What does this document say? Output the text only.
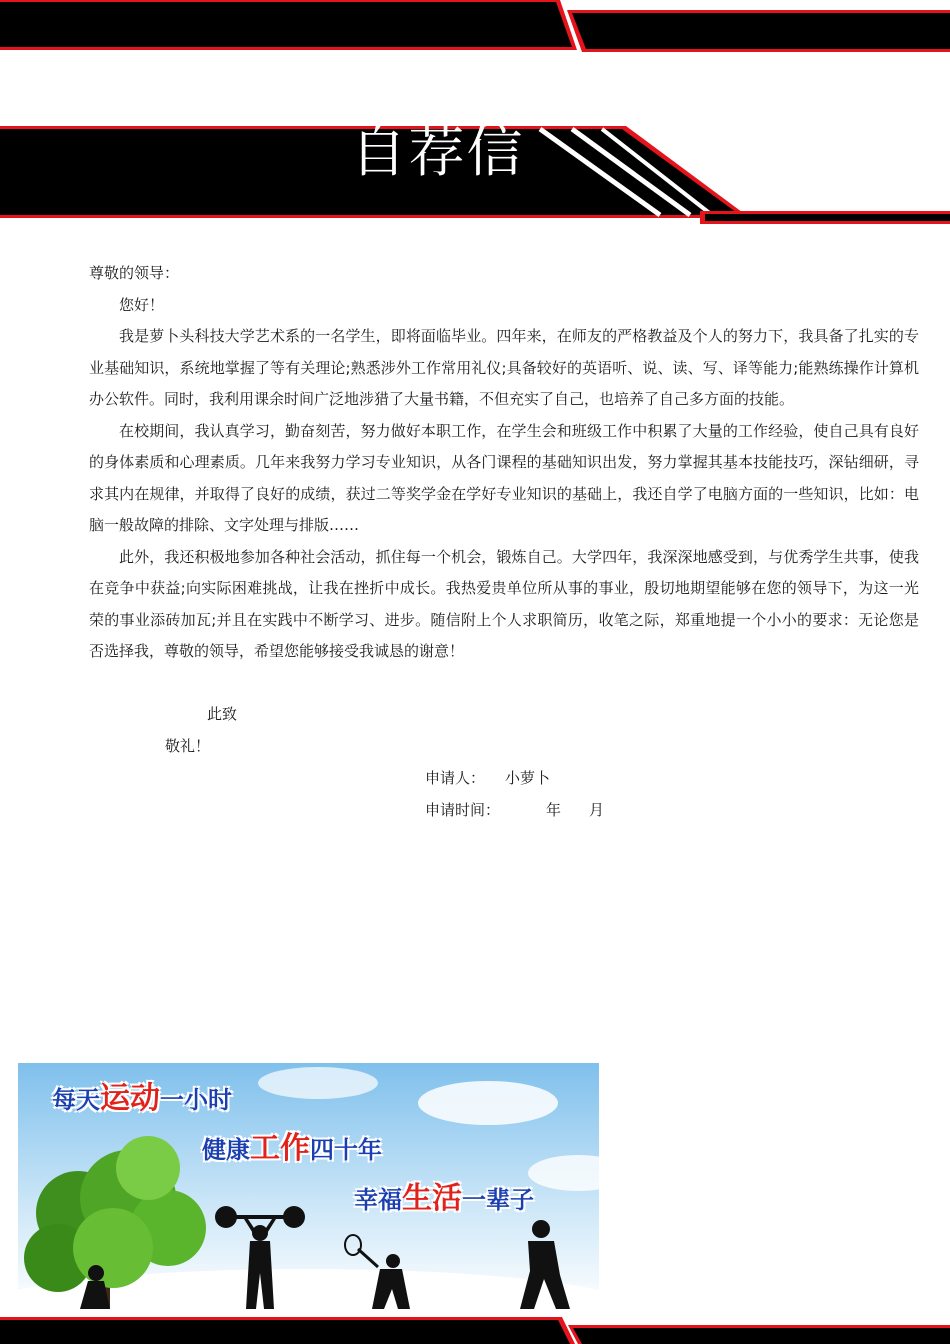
自荐信

尊敬的领导：

您好！

我是萝卜头科技大学艺术系的一名学生，即将面临毕业。四年来，在师友的严格教益及个人的努力下，我具备了扎实的专业基础知识，系统地掌握了等有关理论;熟悉涉外工作常用礼仪;具备较好的英语听、说、读、写、译等能力;能熟练操作计算机办公软件。同时，我利用课余时间广泛地涉猎了大量书籍，不但充实了自己，也培养了自己多方面的技能。

在校期间，我认真学习，勤奋刻苦，努力做好本职工作，在学生会和班级工作中积累了大量的工作经验，使自己具有良好的身体素质和心理素质。几年来我努力学习专业知识，从各门课程的基础知识出发，努力掌握其基本技能技巧，深钻细研，寻求其内在规律，并取得了良好的成绩，获过二等奖学金在学好专业知识的基础上，我还自学了电脑方面的一些知识，比如：电脑一般故障的排除、文字处理与排版……

此外，我还积极地参加各种社会活动，抓住每一个机会，锻炼自己。大学四年，我深深地感受到，与优秀学生共事，使我在竞争中获益;向实际困难挑战，让我在挫折中成长。我热爱贵单位所从事的事业，殷切地期望能够在您的领导下，为这一光荣的事业添砖加瓦;并且在实践中不断学习、进步。随信附上个人求职简历，收笔之际，郑重地提一个小小的要求：无论您是否选择我，尊敬的领导，希望您能够接受我诚恳的谢意！

此致
敬礼！
申请人： 小萝卜
申请时间：	年 月
每天运动一小时
健康工作四十年
幸福生活一辈子
